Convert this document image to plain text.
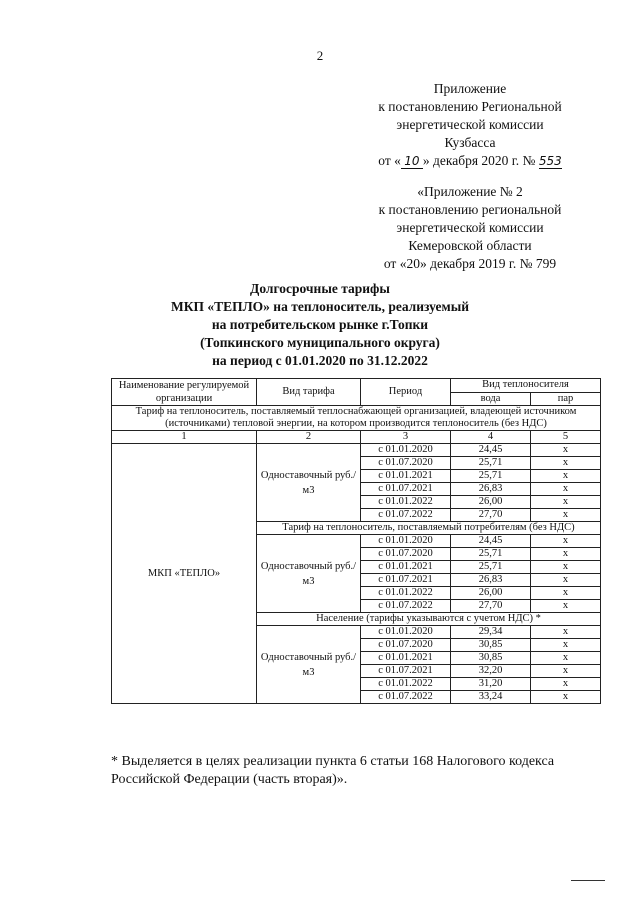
2
Приложение
к постановлению Региональной
энергетической комиссии
Кузбасса
от « 10 » декабря 2020 г. № 553
«Приложение № 2
к постановлению региональной
энергетической комиссии
Кемеровской области
от «20» декабря 2019 г. № 799
Долгосрочные тарифы
МКП «ТЕПЛО» на теплоноситель, реализуемый
на потребительском рынке г.Топки
(Топкинского муниципального округа)
на период с 01.01.2020 по 31.12.2022
Наименование регулируемой организации	Вид тарифа	Период	Вид теплоносителя	
			вода	пар
Тариф на теплоноситель, поставляемый теплоснабжающей организацией, владеющей источником (источниками) тепловой энергии, на котором производится теплоноситель (без НДС)				
1	2	3	4	5
МКП «ТЕПЛО»	Одноставочный руб./м3	с 01.01.2020	24,45	х
		с 01.07.2020	25,71	х
		с 01.01.2021	25,71	х
		с 01.07.2021	26,83	х
		с 01.01.2022	26,00	х
		с 01.07.2022	27,70	х
	Тариф на теплоноситель, поставляемый потребителям (без НДС)			
	Одноставочный руб./м3	с 01.01.2020	24,45	х
		с 01.07.2020	25,71	х
		с 01.01.2021	25,71	х
		с 01.07.2021	26,83	х
		с 01.01.2022	26,00	х
		с 01.07.2022	27,70	х
	Население (тарифы указываются с учетом НДС) *			
	Одноставочный руб./м3	с 01.01.2020	29,34	х
		с 01.07.2020	30,85	х
		с 01.01.2021	30,85	х
		с 01.07.2021	32,20	х
		с 01.01.2022	31,20	х
		с 01.07.2022	33,24	х
* Выделяется в целях реализации пункта 6 статьи 168 Налогового кодекса Российской Федерации (часть вторая)».
